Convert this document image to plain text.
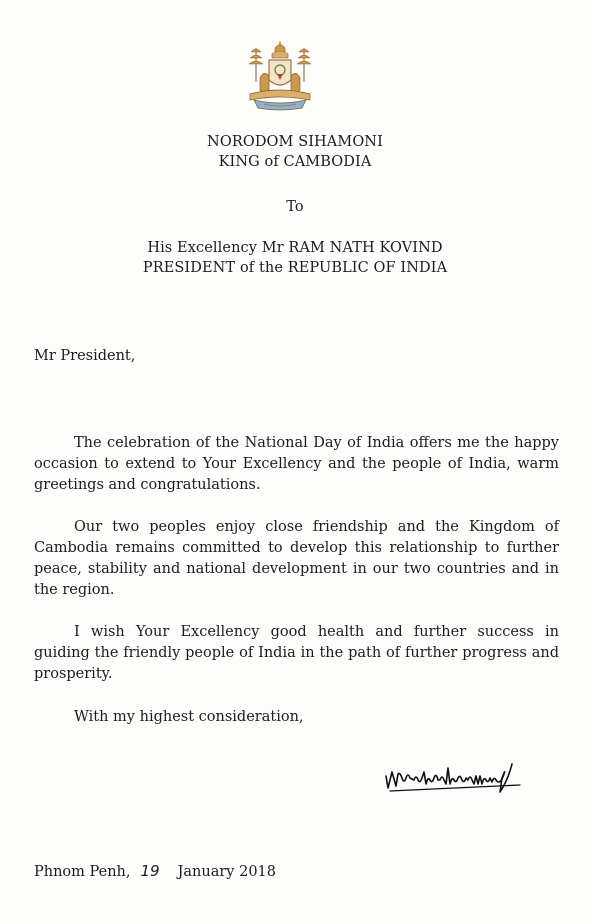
NORODOM SIHAMONI
KING of CAMBODIA
To
His Excellency Mr RAM NATH KOVIND
PRESIDENT of the REPUBLIC OF INDIA
Mr President,
The celebration of the National Day of India offers me the happy occasion to extend to Your Excellency and the people of India, warm greetings and congratulations.
Our two peoples enjoy close friendship and the Kingdom of Cambodia remains committed to develop this relationship to further peace, stability and national development in our two countries and in the region.
I wish Your Excellency good health and further success in guiding the friendly people of India in the path of further progress and prosperity.
With my highest consideration,
Phnom Penh, 19 January 2018
